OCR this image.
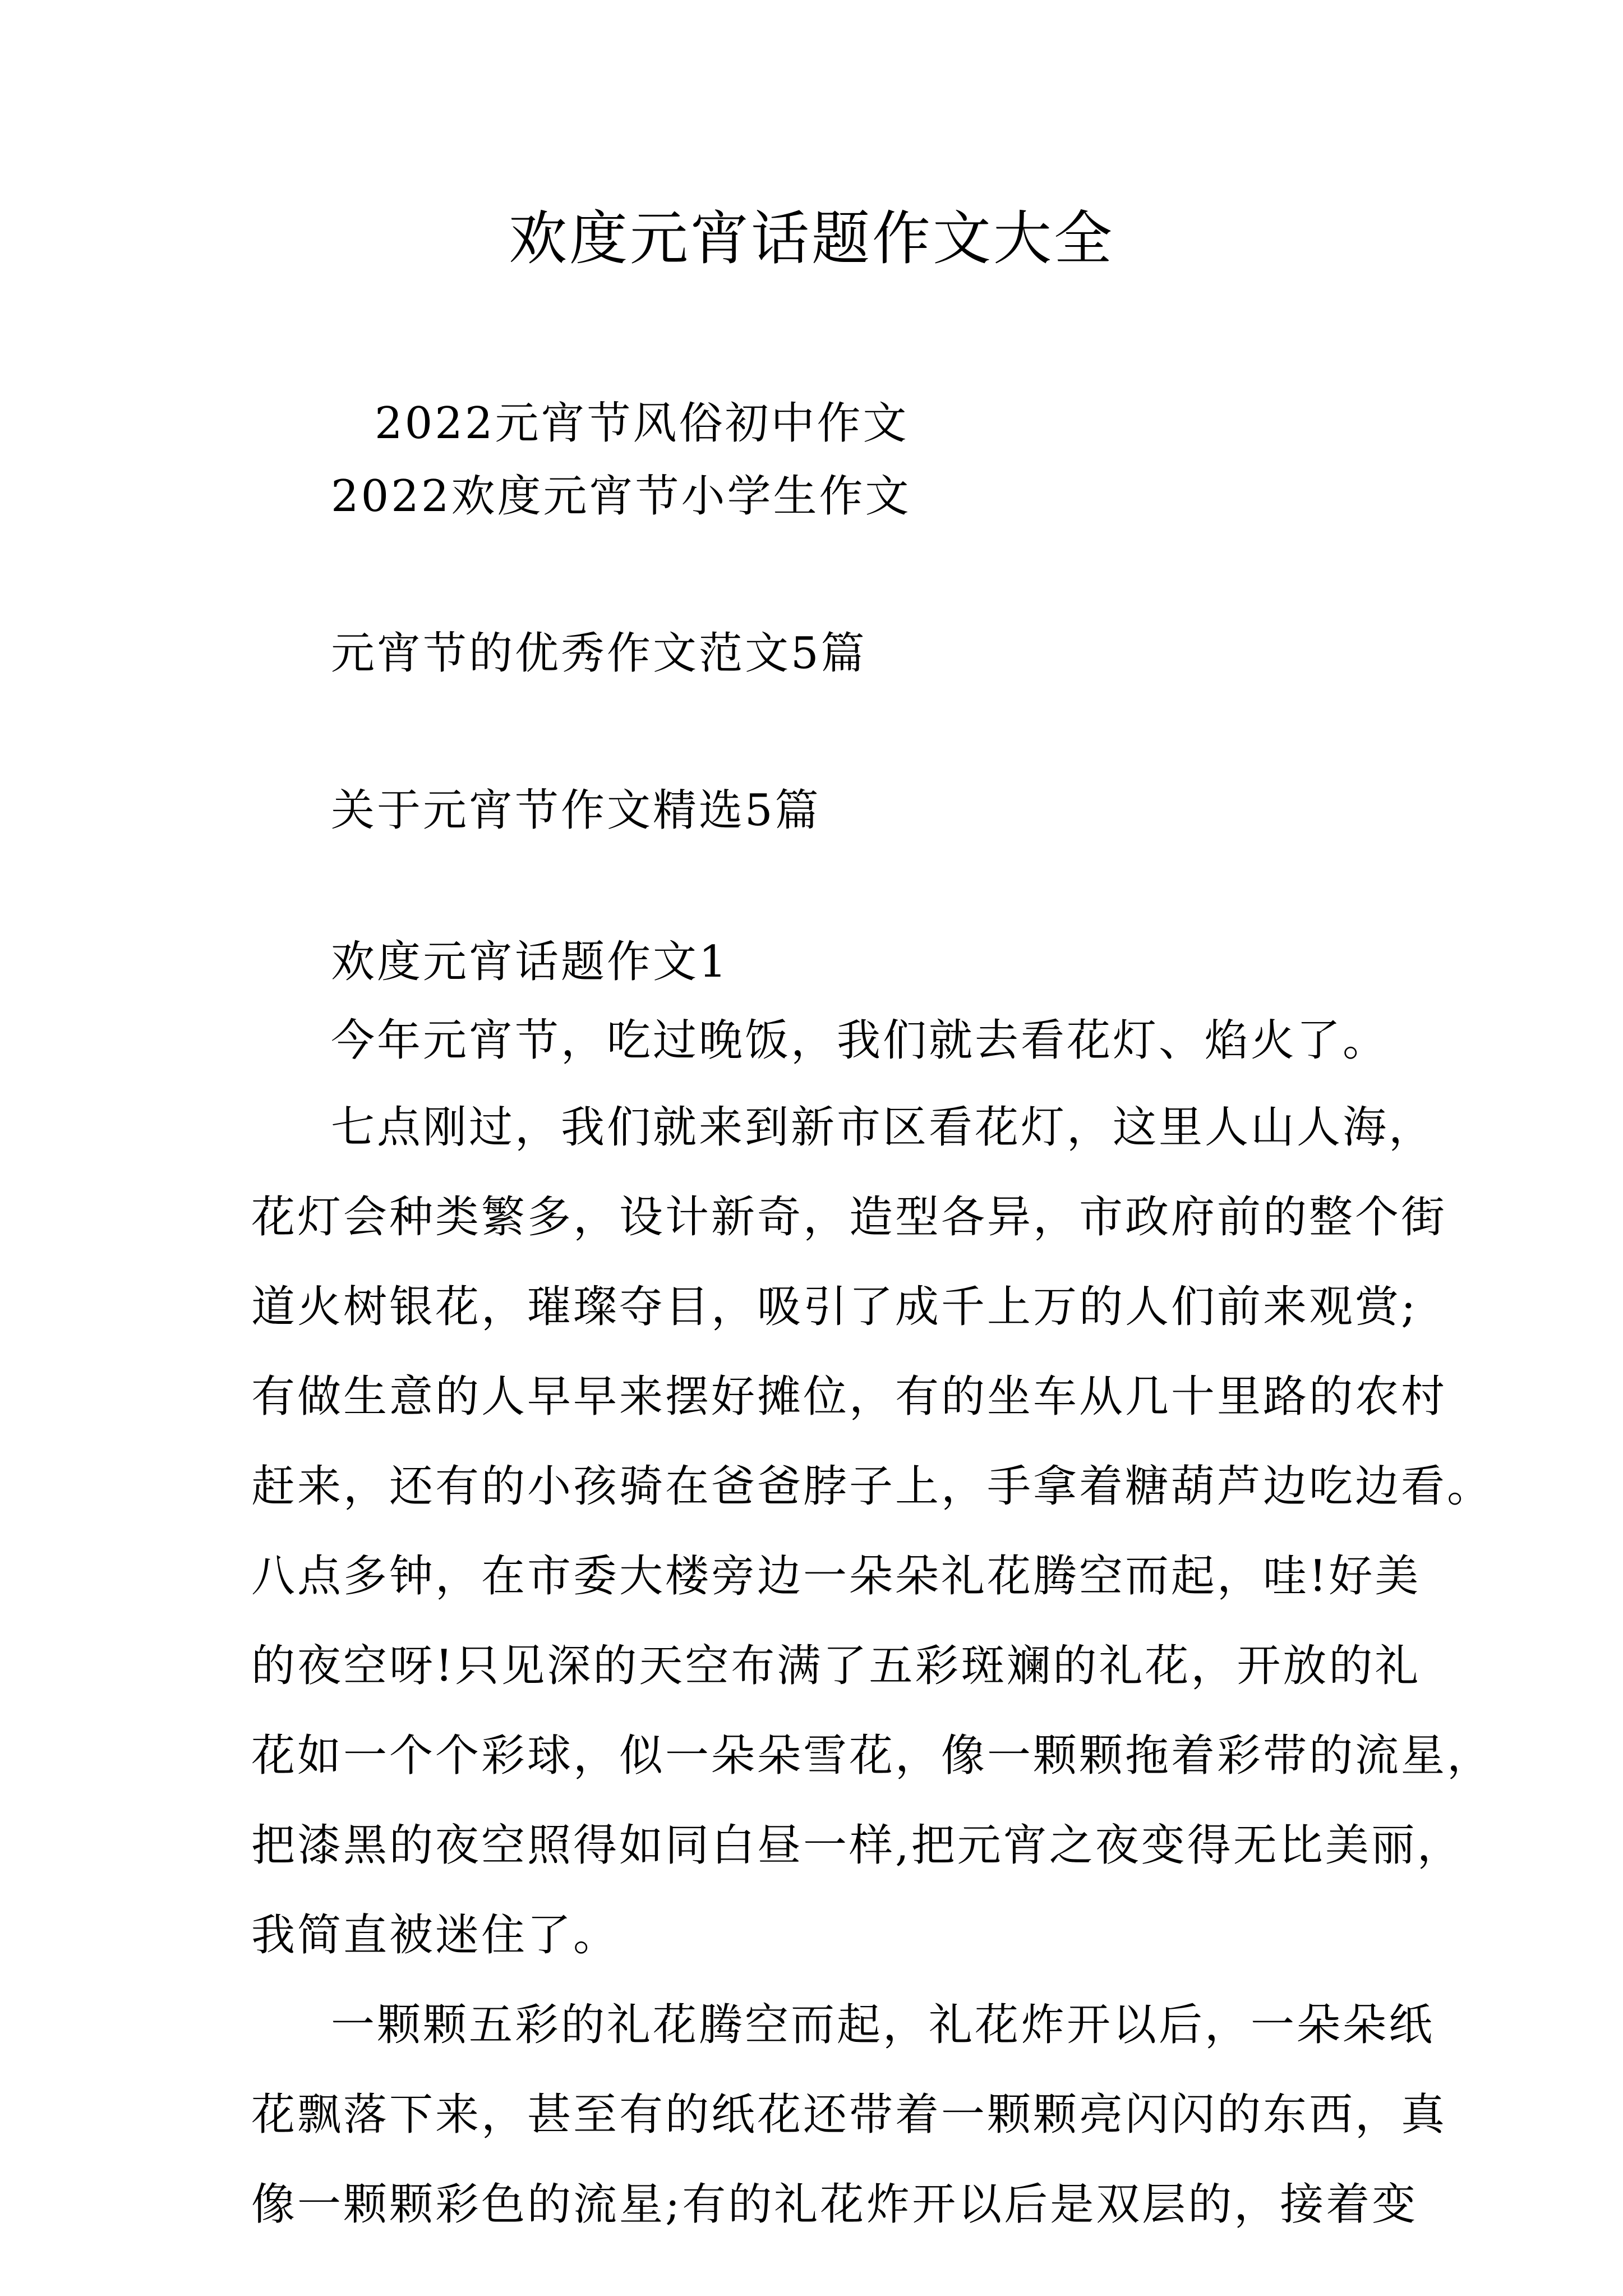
欢度元宵话题作文大全
2022元宵节风俗初中作文
2022欢度元宵节小学生作文
元宵节的优秀作文范文5篇
关于元宵节作文精选5篇
欢度元宵话题作文1
今年元宵节，吃过晚饭，我们就去看花灯、焰火了。
七点刚过，我们就来到新市区看花灯，这里人山人海，
花灯会种类繁多，设计新奇，造型各异，市政府前的整个街
道火树银花，璀璨夺目，吸引了成千上万的人们前来观赏;
有做生意的人早早来摆好摊位，有的坐车从几十里路的农村
赶来，还有的小孩骑在爸爸脖子上，手拿着糖葫芦边吃边看。
八点多钟，在市委大楼旁边一朵朵礼花腾空而起，哇!好美
的夜空呀!只见深的天空布满了五彩斑斓的礼花，开放的礼
花如一个个彩球，似一朵朵雪花，像一颗颗拖着彩带的流星，
把漆黑的夜空照得如同白昼一样,把元宵之夜变得无比美丽，
我简直被迷住了。
一颗颗五彩的礼花腾空而起，礼花炸开以后，一朵朵纸
花飘落下来，甚至有的纸花还带着一颗颗亮闪闪的东西，真
像一颗颗彩色的流星;有的礼花炸开以后是双层的，接着变
